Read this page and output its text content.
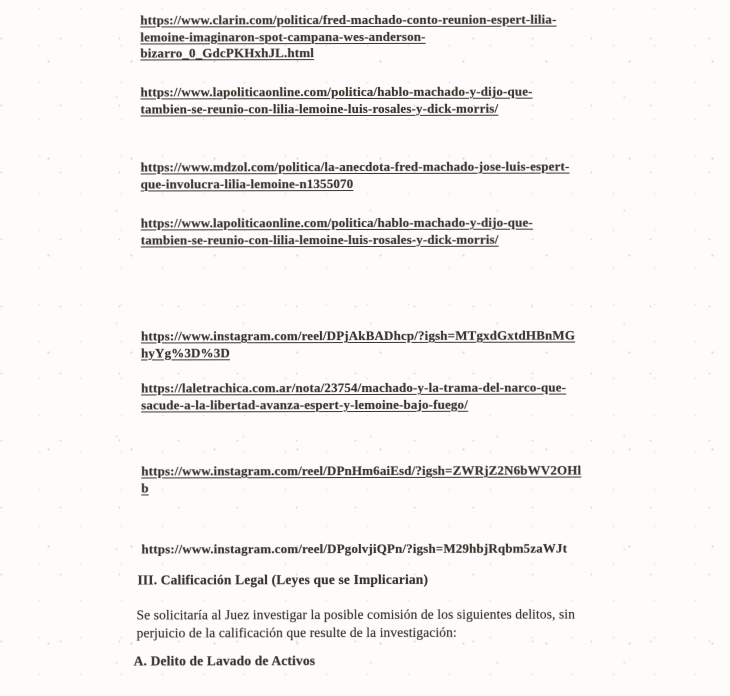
https://www.clarin.com/politica/fred-machado-conto-reunion-espert-lilia-
lemoine-imaginaron-spot-campana-wes-anderson-
bizarro_0_GdcPKHxhJL.html
https://www.lapoliticaonline.com/politica/hablo-machado-y-dijo-que-
tambien-se-reunio-con-lilia-lemoine-luis-rosales-y-dick-morris/
https://www.mdzol.com/politica/la-anecdota-fred-machado-jose-luis-espert-
que-involucra-lilia-lemoine-n1355070
https://www.lapoliticaonline.com/politica/hablo-machado-y-dijo-que-
tambien-se-reunio-con-lilia-lemoine-luis-rosales-y-dick-morris/
https://www.instagram.com/reel/DPjAkBADhcp/?igsh=MTgxdGxtdHBnMG
hyYg%3D%3D
https://laletrachica.com.ar/nota/23754/machado-y-la-trama-del-narco-que-
sacude-a-la-libertad-avanza-espert-y-lemoine-bajo-fuego/
https://www.instagram.com/reel/DPnHm6aiEsd/?igsh=ZWRjZ2N6bWV2OHl
b
https://www.instagram.com/reel/DPgolvjiQPn/?igsh=M29hbjRqbm5zaWJt
III. Calificación Legal (Leyes que se Implicarian)
Se solicitaría al Juez investigar la posible comisión de los siguientes delitos, sin
perjuicio de la calificación que resulte de la investigación:
A. Delito de Lavado de Activos
